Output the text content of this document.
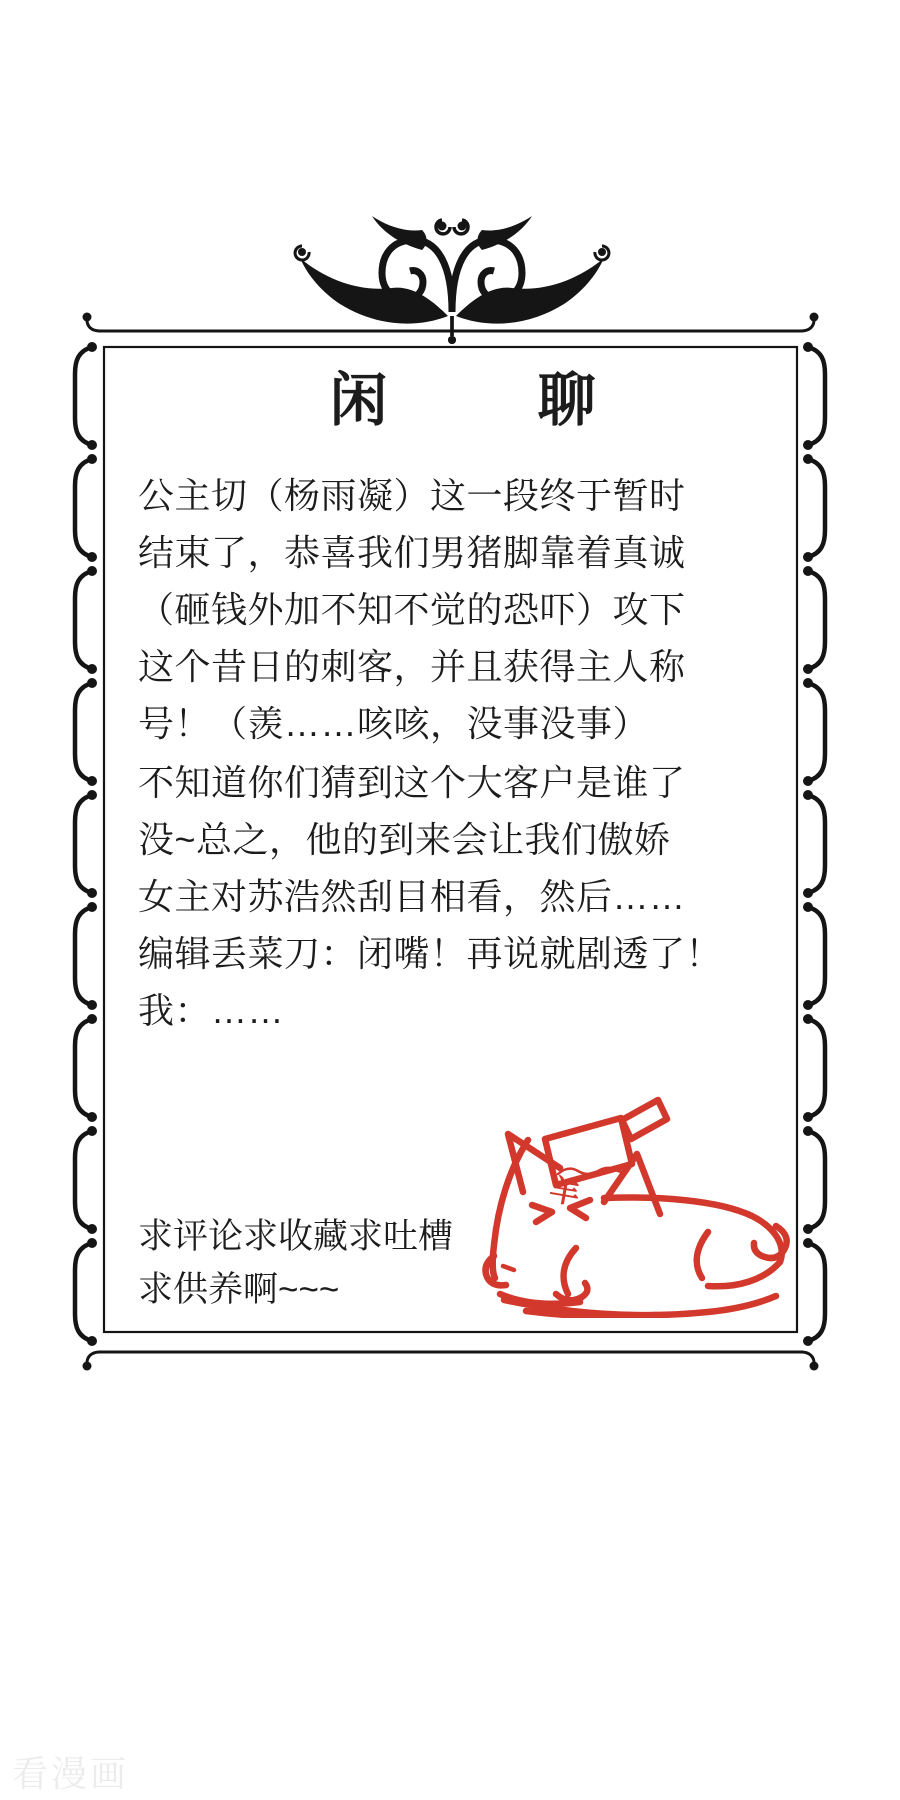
闲	聊
公主切（杨雨凝）这一段终于暂时
结束了，恭喜我们男猪脚靠着真诚
（砸钱外加不知不觉的恐吓）攻下
这个昔日的刺客，并且获得主人称
号！（羡……咳咳，没事没事）
不知道你们猜到这个大客户是谁了
没~总之，他的到来会让我们傲娇
女主对苏浩然刮目相看，然后……
编辑丢菜刀：闭嘴！再说就剧透了！
我：……
求评论求收藏求吐槽
求供养啊~~~
羊
看漫画
